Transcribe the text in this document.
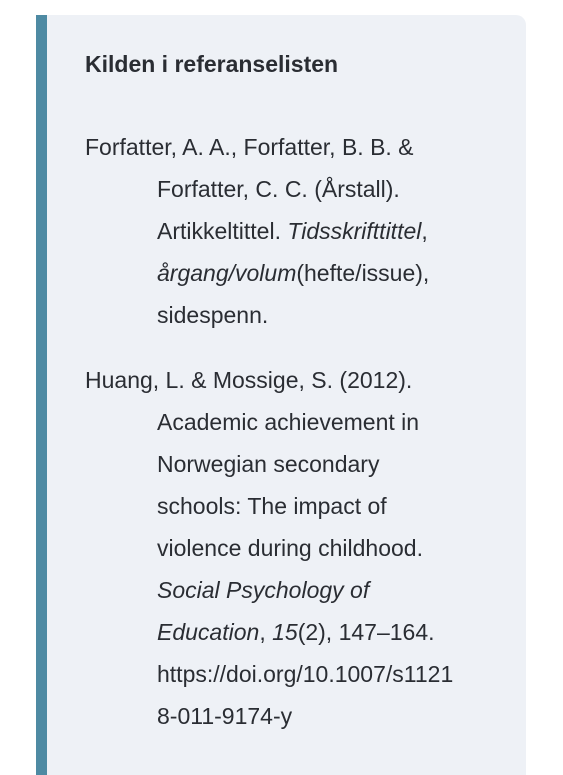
Kilden i referanselisten
Forfatter, A. A., Forfatter, B. B. &
Forfatter, C. C. (Årstall).
Artikkeltittel. Tidsskrifttittel,
årgang/volum(hefte/issue),
sidespenn.
Huang, L. & Mossige, S. (2012).
Academic achievement in
Norwegian secondary
schools: The impact of
violence during childhood.
Social Psychology of
Education, 15(2), 147–164.
https://doi.org/10.1007/s1121
8-011-9174-y
